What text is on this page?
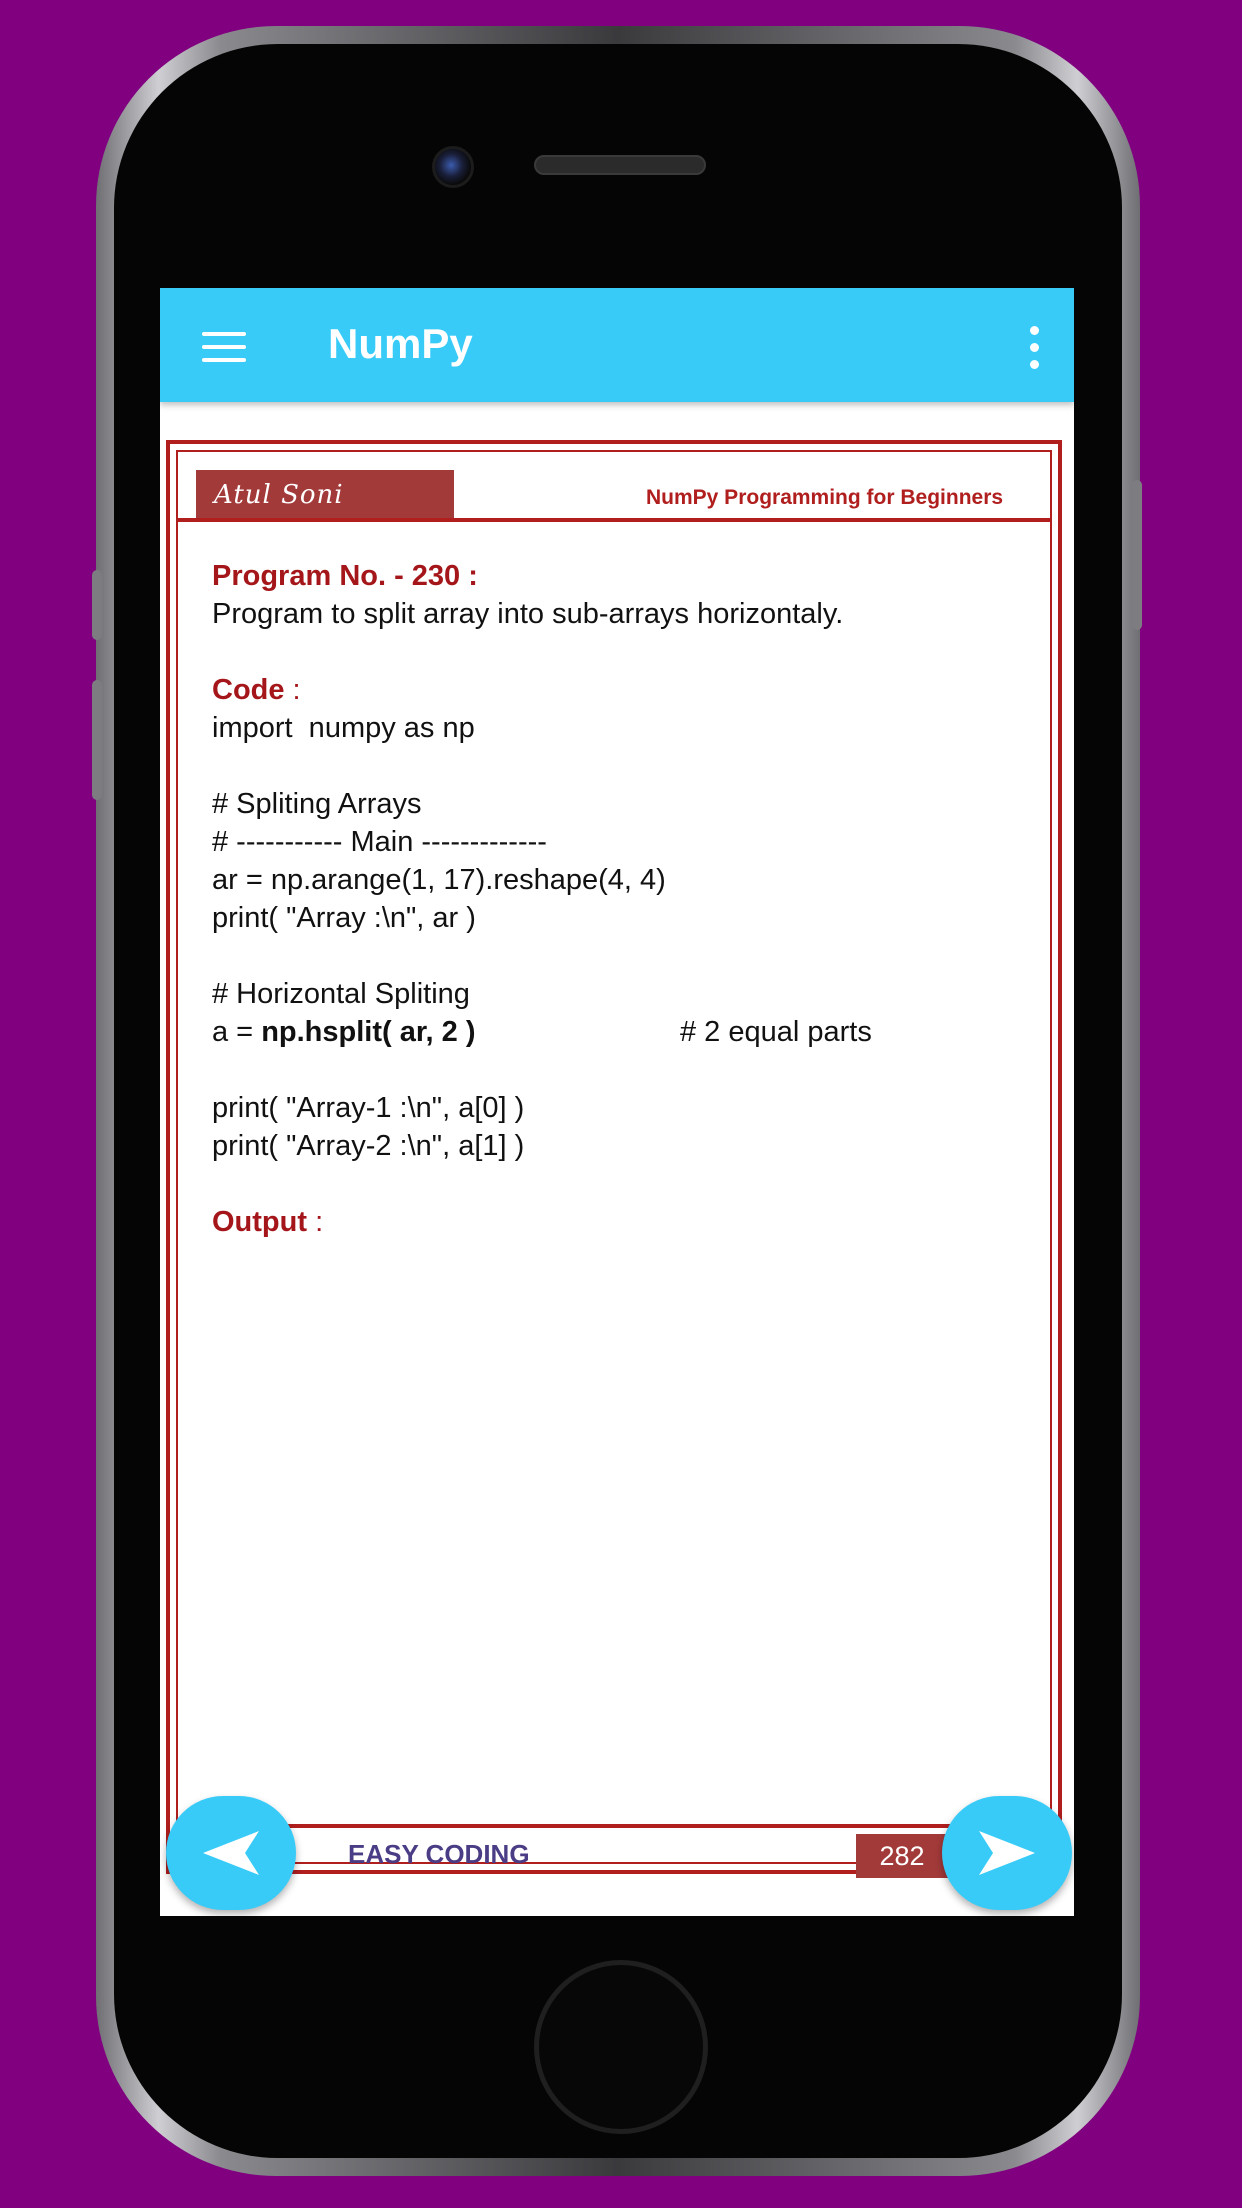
NumPy
Atul Soni	NumPy Programming for Beginners
Program No. - 230 :
Program to split array into sub-arrays horizontaly.
Code :
import  numpy as np
# Spliting Arrays
# ----------- Main -------------
ar = np.arange(1, 17).reshape(4, 4)
print( "Array :\n", ar )
# Horizontal Spliting
a = np.hsplit( ar, 2 )	# 2 equal parts
print( "Array-1 :\n", a[0] )
print( "Array-2 :\n", a[1] )
Output :
EASY CODING	282
